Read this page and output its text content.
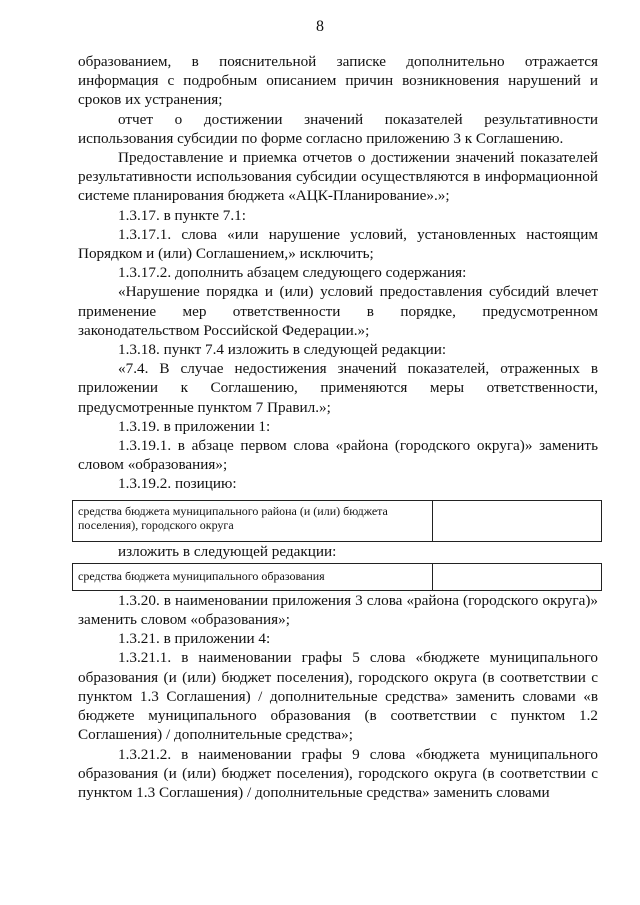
8

образованием, в пояснительной записке дополнительно отражается информация с подробным описанием причин возникновения нарушений и сроков их устранения;

отчет о достижении значений показателей результативности использования субсидии по форме согласно приложению 3 к Соглашению.

Предоставление и приемка отчетов о достижении значений показателей результативности использования субсидии осуществляются в информационной системе планирования бюджета «АЦК-Планирование».»;

1.3.17. в пункте 7.1:

1.3.17.1. слова «или нарушение условий, установленных настоящим Порядком и (или) Соглашением,» исключить;

1.3.17.2. дополнить абзацем следующего содержания:

«Нарушение порядка и (или) условий предоставления субсидий влечет применение мер ответственности в порядке, предусмотренном законодательством Российской Федерации.»;

1.3.18. пункт 7.4 изложить в следующей редакции:

«7.4. В случае недостижения значений показателей, отраженных в приложении к Соглашению, применяются меры ответственности, предусмотренные пунктом 7 Правил.»;

1.3.19. в приложении 1:

1.3.19.1. в абзаце первом слова «района (городского округа)» заменить словом «образования»;

1.3.19.2. позицию:

средства бюджета муниципального района (и (или) бюджета поселения), городского округа

изложить в следующей редакции:

средства бюджета муниципального образования

1.3.20. в наименовании приложения 3 слова «района (городского округа)» заменить словом «образования»;

1.3.21. в приложении 4:

1.3.21.1. в наименовании графы 5 слова «бюджете муниципального образования (и (или) бюджет поселения), городского округа (в соответствии с пунктом 1.3 Соглашения) / дополнительные средства» заменить словами «в бюджете муниципального образования (в соответствии с пунктом 1.2 Соглашения) / дополнительные средства»;

1.3.21.2. в наименовании графы 9 слова «бюджета муниципального образования (и (или) бюджет поселения), городского округа (в соответствии с пунктом 1.3 Соглашения) / дополнительные средства» заменить словами
